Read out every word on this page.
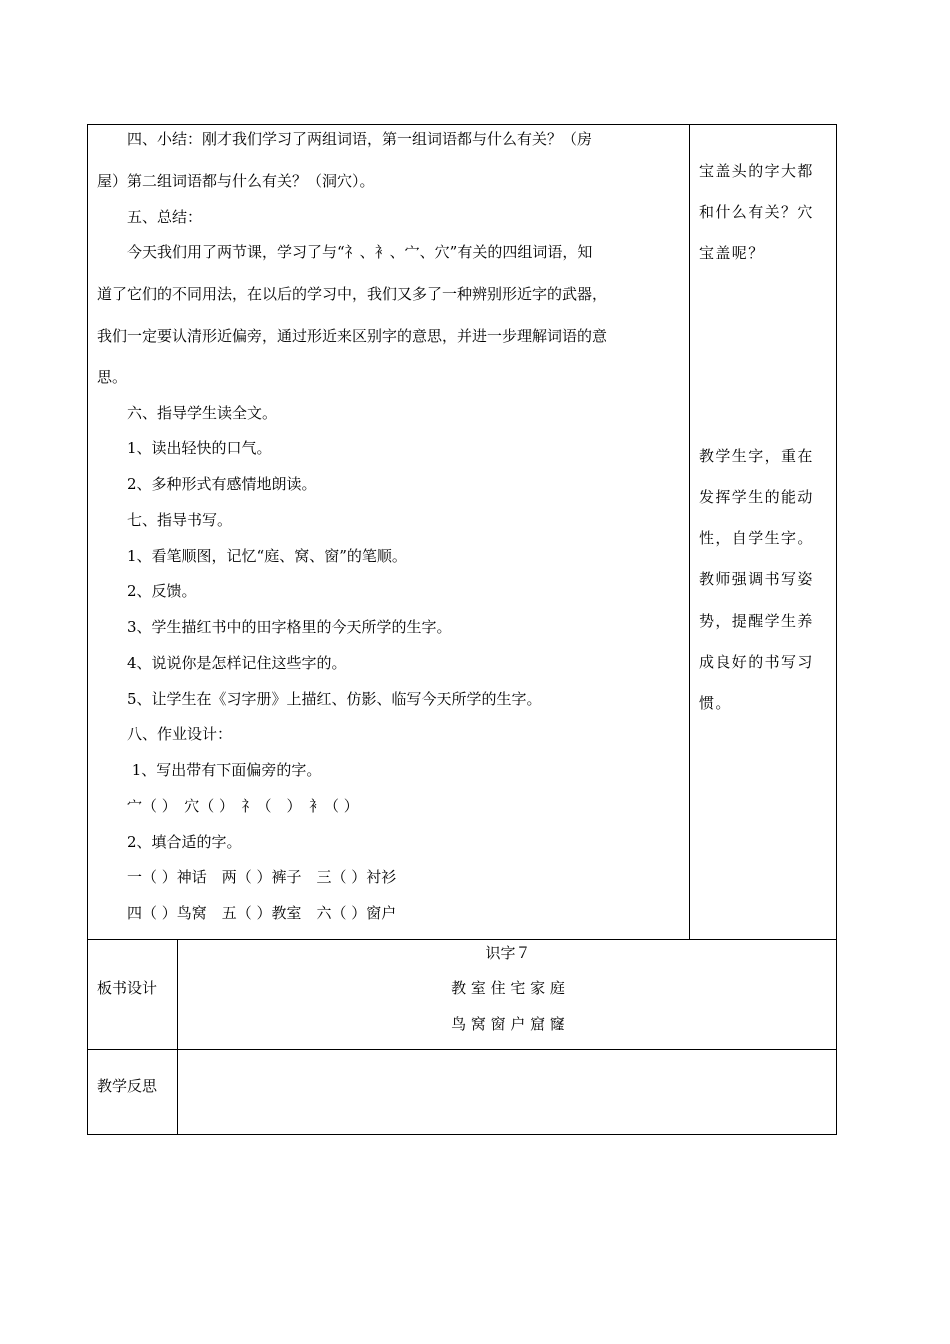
　　四、小结：刚才我们学习了两组词语，第一组词语都与什么有关？（房
屋）第二组词语都与什么有关？（洞穴）。
　　五、总结：
　　今天我们用了两节课，学习了与“礻、衤、宀、穴”有关的四组词语，知
道了它们的不同用法，在以后的学习中，我们又多了一种辨别形近字的武器，
我们一定要认清形近偏旁，通过形近来区别字的意思，并进一步理解词语的意
思。
　　六、指导学生读全文。
　　1、读出轻快的口气。
　　2、多种形式有感情地朗读。
　　七、指导书写。
　　1、看笔顺图，记忆“庭、窝、窗”的笔顺。
　　2、反馈。
　　3、学生描红书中的田字格里的今天所学的生字。
　　4、说说你是怎样记住这些字的。
　　5、让学生在《习字册》上描红、仿影、临写今天所学的生字。
　　八、作业设计：
　　 1、写出带有下面偏旁的字。
　　宀（ ）　穴（ ）　礻（　）　衤（ ）
　　2、填合适的字。
　　一（ ）神话　两（ ）裤子　三（ ）衬衫
　　四（ ）鸟窝　五（ ）教室　六（ ）窗户
宝盖头的字大都
和什么有关？穴
宝盖呢？
教学生字，重在
发挥学生的能动
性，自学生字。
教师强调书写姿
势，提醒学生养
成良好的书写习
惯。
板书设计
识字７
教 室 住 宅 家 庭
鸟 窝 窗 户 窟 窿
教学反思
